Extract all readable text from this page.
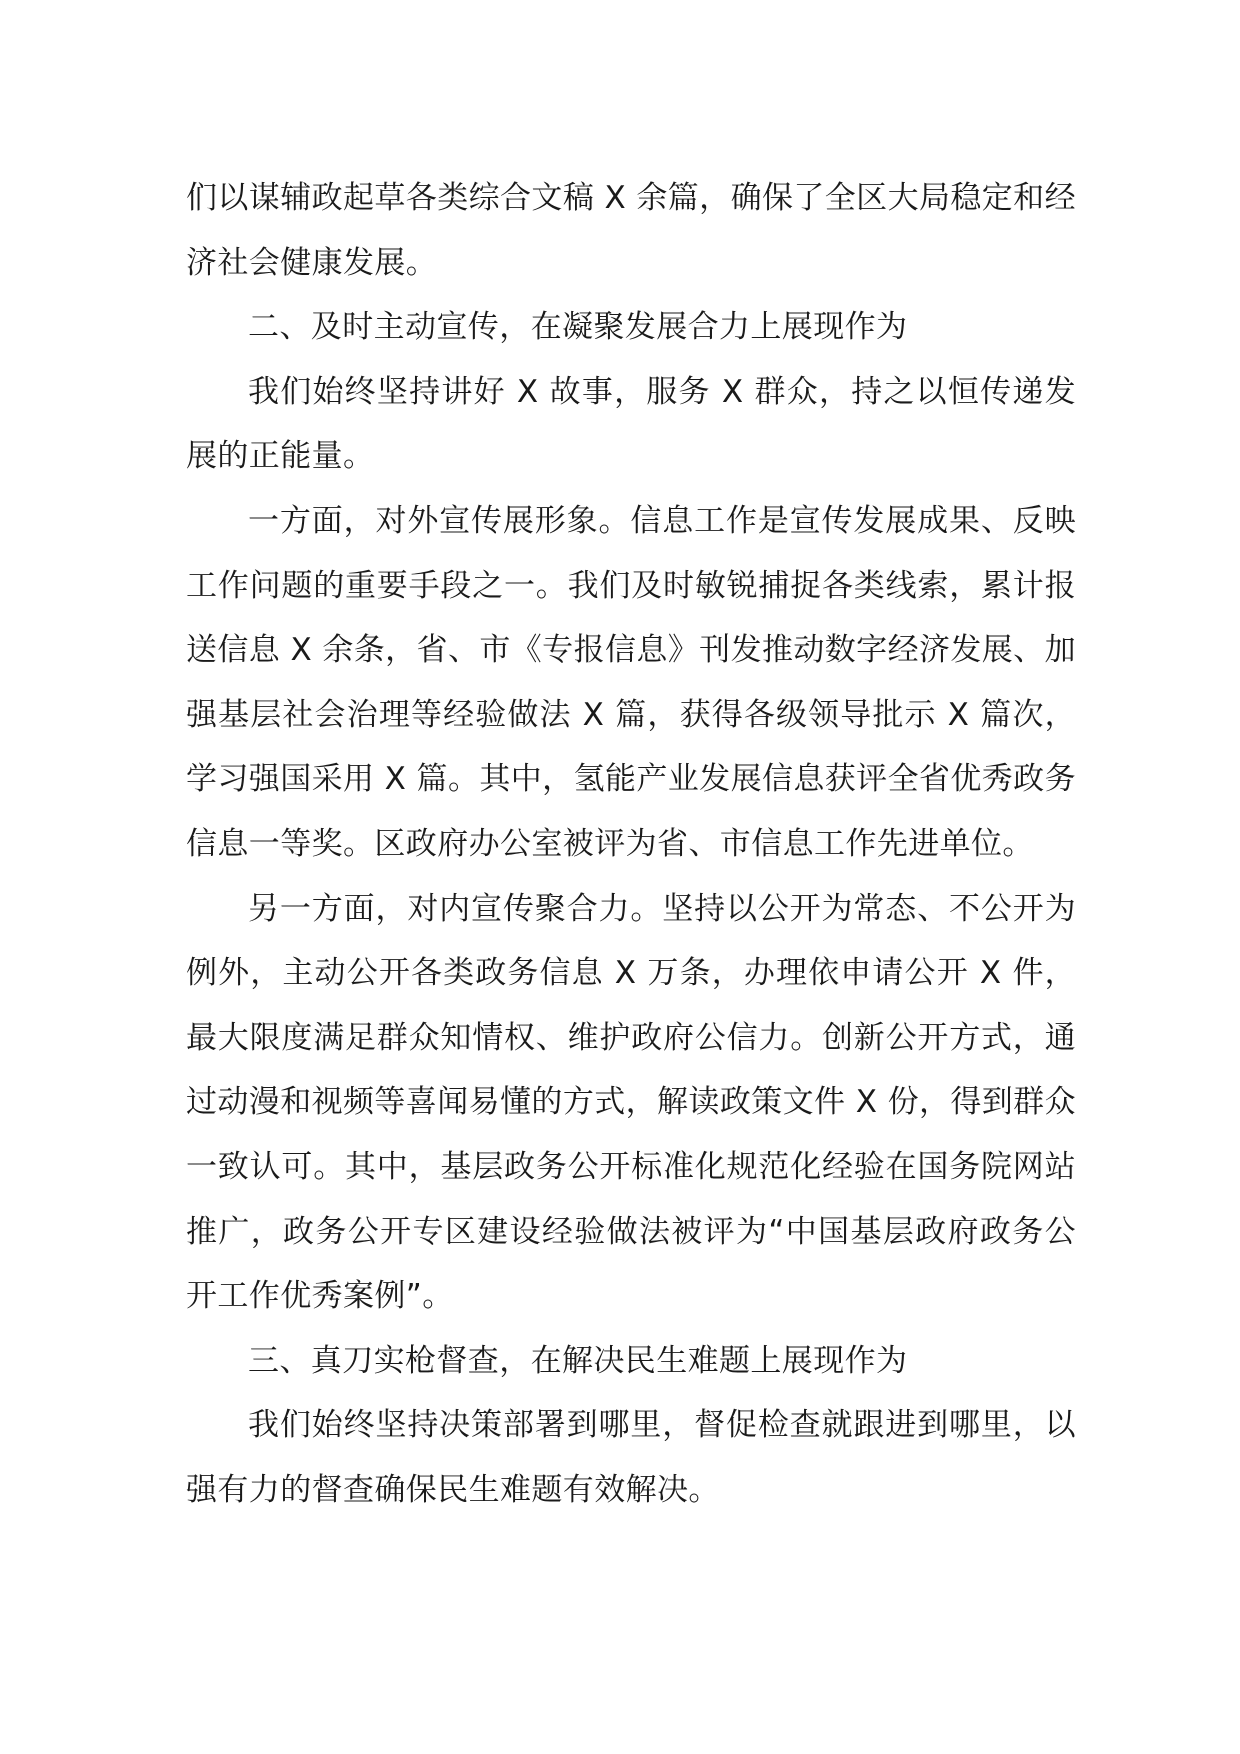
们以谋辅政起草各类综合文稿 X 余篇，确保了全区大局稳定和经济社会健康发展。

二、及时主动宣传，在凝聚发展合力上展现作为

我们始终坚持讲好 X 故事，服务 X 群众，持之以恒传递发展的正能量。

一方面，对外宣传展形象。信息工作是宣传发展成果、反映工作问题的重要手段之一。我们及时敏锐捕捉各类线索，累计报送信息 X 余条，省、市《专报信息》刊发推动数字经济发展、加强基层社会治理等经验做法 X 篇，获得各级领导批示 X 篇次，学习强国采用 X 篇。其中，氢能产业发展信息获评全省优秀政务信息一等奖。区政府办公室被评为省、市信息工作先进单位。

另一方面，对内宣传聚合力。坚持以公开为常态、不公开为例外，主动公开各类政务信息 X 万条，办理依申请公开 X 件，最大限度满足群众知情权、维护政府公信力。创新公开方式，通过动漫和视频等喜闻易懂的方式，解读政策文件 X 份，得到群众一致认可。其中，基层政务公开标准化规范化经验在国务院网站推广，政务公开专区建设经验做法被评为“中国基层政府政务公开工作优秀案例”。

三、真刀实枪督查，在解决民生难题上展现作为

我们始终坚持决策部署到哪里，督促检查就跟进到哪里，以强有力的督查确保民生难题有效解决。
